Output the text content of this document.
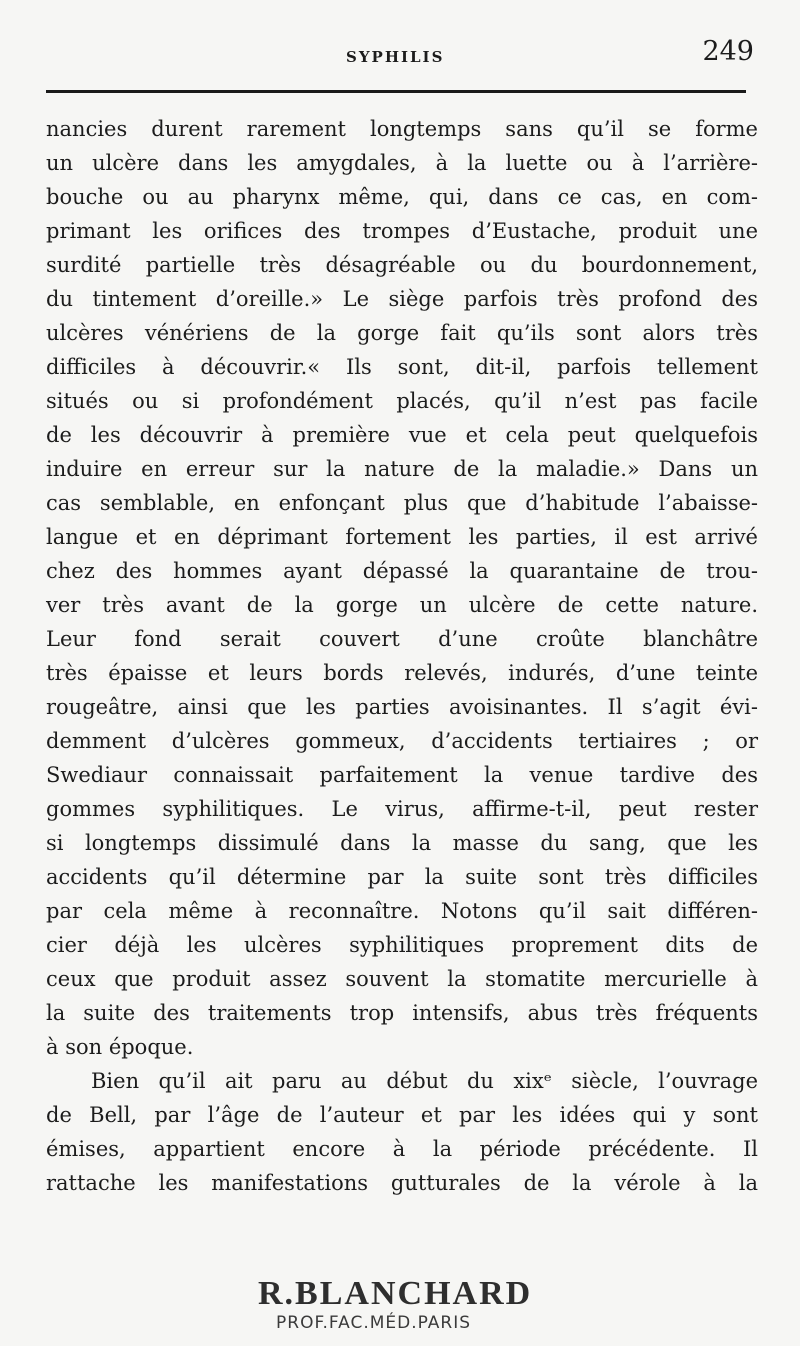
SYPHILIS	249
nancies durent rarement longtemps sans qu’il se forme
un ulcère dans les amygdales, à la luette ou à l’arrière-
bouche ou au pharynx même, qui, dans ce cas, en com-
primant les orifices des trompes d’Eustache, produit une
surdité partielle très désagréable ou du bourdonnement,
du tintement d’oreille.» Le siège parfois très profond des
ulcères vénériens de la gorge fait qu’ils sont alors très
difficiles à découvrir.« Ils sont, dit-il, parfois tellement
situés ou si profondément placés, qu’il n’est pas facile
de les découvrir à première vue et cela peut quelquefois
induire en erreur sur la nature de la maladie.» Dans un
cas semblable, en enfonçant plus que d’habitude l’abaisse-
langue et en déprimant fortement les parties, il est arrivé
chez des hommes ayant dépassé la quarantaine de trou-
ver très avant de la gorge un ulcère de cette nature.
Leur fond serait couvert d’une croûte blanchâtre
très épaisse et leurs bords relevés, indurés, d’une teinte
rougeâtre, ainsi que les parties avoisinantes. Il s’agit évi-
demment d’ulcères gommeux, d’accidents tertiaires ; or
Swediaur connaissait parfaitement la venue tardive des
gommes syphilitiques. Le virus, affirme-t-il, peut rester
si longtemps dissimulé dans la masse du sang, que les
accidents qu’il détermine par la suite sont très difficiles
par cela même à reconnaître. Notons qu’il sait différen-
cier déjà les ulcères syphilitiques proprement dits de
ceux que produit assez souvent la stomatite mercurielle à
la suite des traitements trop intensifs, abus très fréquents
à son époque.
Bien qu’il ait paru au début du xixᵉ siècle, l’ouvrage
de Bell, par l’âge de l’auteur et par les idées qui y sont
émises, appartient encore à la période précédente. Il
rattache les manifestations gutturales de la vérole à la
R.BLANCHARD
PROF.FAC.MÉD.PARIS
